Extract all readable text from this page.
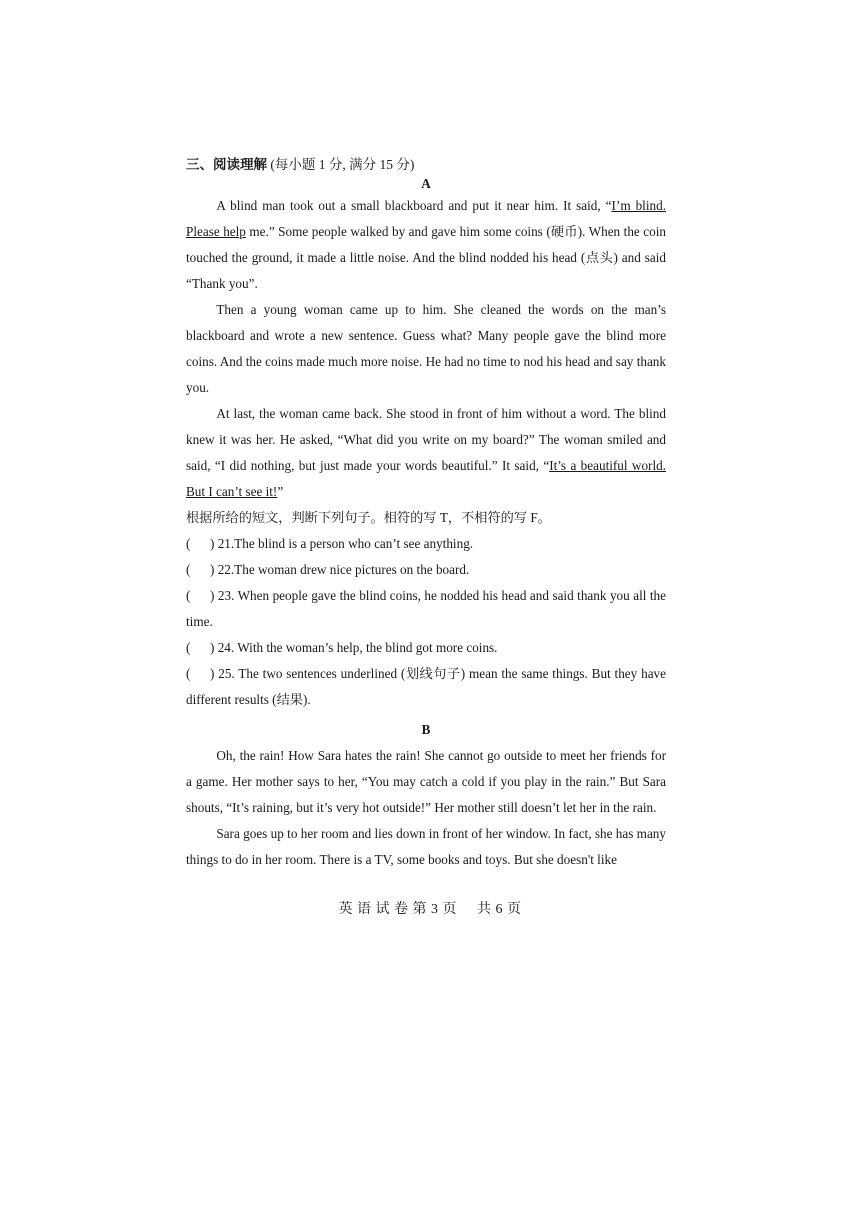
三、阅读理解 (每小题 1 分, 满分 15 分)
A

A blind man took out a small blackboard and put it near him. It said, “I’m blind. Please help me.” Some people walked by and gave him some coins (硬币). When the coin touched the ground, it made a little noise. And the blind nodded his head (点头) and said “Thank you”.

Then a young woman came up to him. She cleaned the words on the man’s blackboard and wrote a new sentence. Guess what? Many people gave the blind more coins. And the coins made much more noise. He had no time to nod his head and say thank you.

At last, the woman came back. She stood in front of him without a word. The blind knew it was her. He asked, “What did you write on my board?” The woman smiled and said, “I did nothing, but just made your words beautiful.” It said, “It’s a beautiful world. But I can’t see it!”

根据所给的短文，判断下列句子。相符的写 T，不相符的写 F。

( ) 21.The blind is a person who can’t see anything.

( ) 22.The woman drew nice pictures on the board.

( ) 23. When people gave the blind coins, he nodded his head and said thank you all the time.

( ) 24. With the woman’s help, the blind got more coins.

( ) 25. The two sentences underlined (划线句子) mean the same things. But they have different results (结果).

B

Oh, the rain! How Sara hates the rain! She cannot go outside to meet her friends for a game. Her mother says to her, “You may catch a cold if you play in the rain.” But Sara shouts, “It’s raining, but it’s very hot outside!” Her mother still doesn’t let her in the rain.

Sara goes up to her room and lies down in front of her window. In fact, she has many things to do in her room. There is a TV, some books and toys. But she doesn't like

英 语 试 卷 第 3 页 共 6 页
